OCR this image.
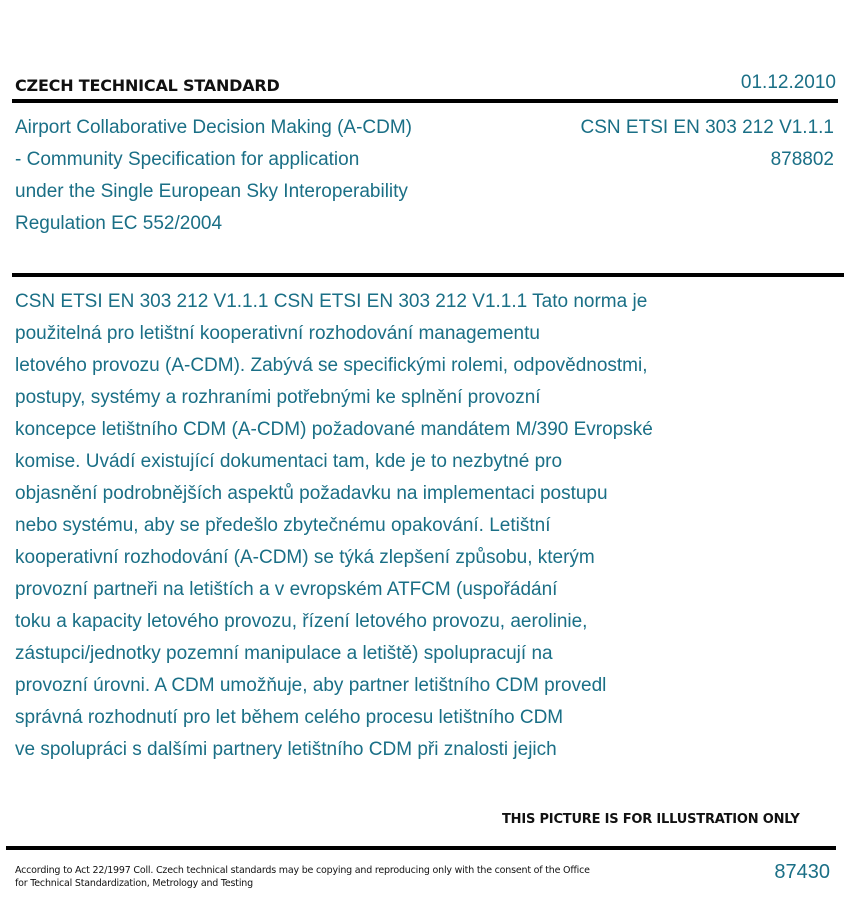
CZECH TECHNICAL STANDARD	01.12.2010
Airport Collaborative Decision Making (A-CDM)
- Community Specification for application
under the Single European Sky Interoperability
Regulation EC 552/2004
CSN ETSI EN 303 212 V1.1.1
878802
CSN ETSI EN 303 212 V1.1.1 CSN ETSI EN 303 212 V1.1.1 Tato norma je
použitelná pro letištní kooperativní rozhodování managementu
letového provozu (A-CDM). Zabývá se specifickými rolemi, odpovědnostmi,
postupy, systémy a rozhraními potřebnými ke splnění provozní
koncepce letištního CDM (A-CDM) požadované mandátem M/390 Evropské
komise. Uvádí existující dokumentaci tam, kde je to nezbytné pro
objasnění podrobnějších aspektů požadavku na implementaci postupu
nebo systému, aby se předešlo zbytečnému opakování. Letištní
kooperativní rozhodování (A-CDM) se týká zlepšení způsobu, kterým
provozní partneři na letištích a v evropském ATFCM (uspořádání
toku a kapacity letového provozu, řízení letového provozu, aerolinie,
zástupci/jednotky pozemní manipulace a letiště) spolupracují na
provozní úrovni. A CDM umožňuje, aby partner letištního CDM provedl
správná rozhodnutí pro let během celého procesu letištního CDM
ve spolupráci s dalšími partnery letištního CDM při znalosti jejich
THIS PICTURE IS FOR ILLUSTRATION ONLY
According to Act 22/1997 Coll. Czech technical standards may be copying and reproducing only with the consent of the Office
for Technical Standardization, Metrology and Testing
87430
